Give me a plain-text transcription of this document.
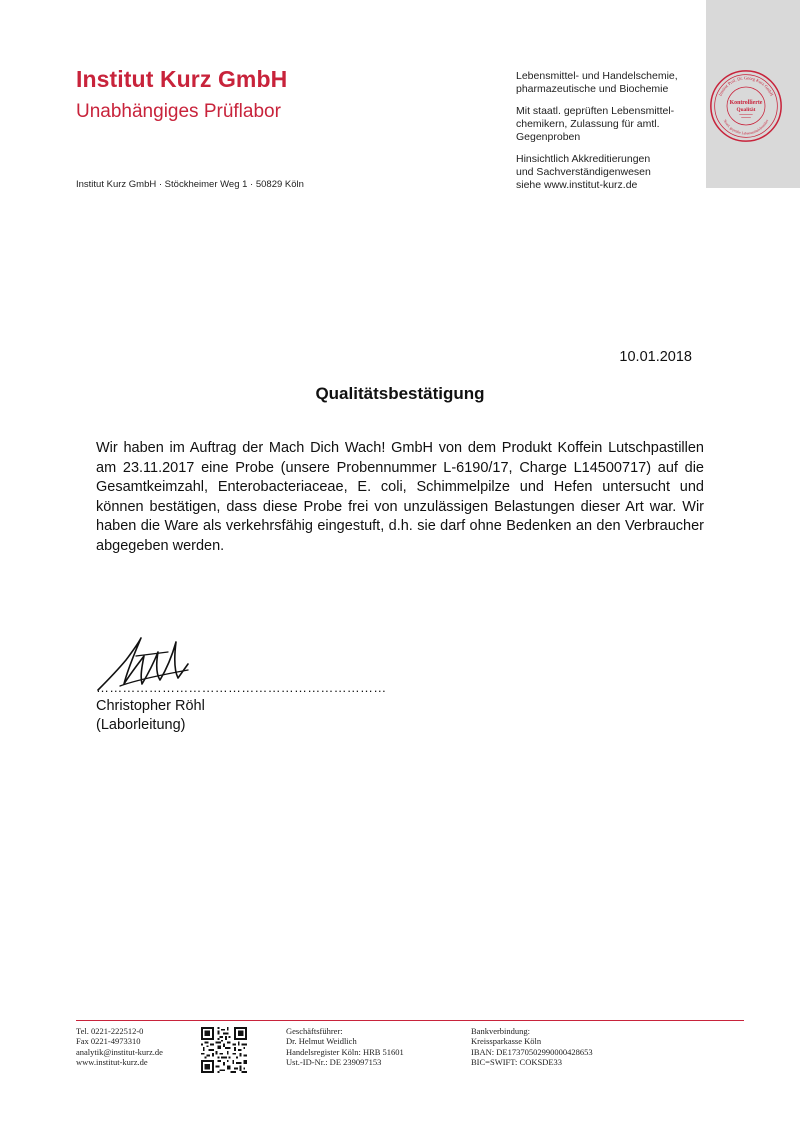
Institut Prof. Dr. Georg Kurz GmbH
Staatl. geprüfte Lebensmittelchemiker
Kontrollierte
Qualität
Institut Kurz GmbH
Unabhängiges Prüflabor
Institut Kurz GmbH · Stöckheimer Weg 1 · 50829 Köln

Lebensmittel- und Handelschemie,
pharmazeutische und Biochemie

Mit staatl. geprüften Lebensmittel-
chemikern, Zulassung für amtl.
Gegenproben

Hinsichtlich Akkreditierungen
und Sachverständigenwesen
siehe www.institut-kurz.de

10.01.2018
Qualitätsbestätigung
Wir haben im Auftrag der Mach Dich Wach! GmbH von dem Produkt Koffein Lutschpastillen am 23.11.2017 eine Probe (unsere Probennummer L-6190/17, Charge L14500717) auf die Gesamtkeimzahl, Enterobacteriaceae, E. coli, Schimmelpilze und Hefen untersucht und können bestätigen, dass diese Probe frei von unzulässigen Belastungen dieser Art war. Wir haben die Ware als verkehrsfähig eingestuft, d.h. sie darf ohne Bedenken an den Verbraucher abgegeben werden.
…………………………………………………………
Christopher Röhl
(Laborleitung)
Tel. 0221-222512-0
Fax 0221-4973310
analytik@institut-kurz.de
www.institut-kurz.de
Geschäftsführer:
Dr. Helmut Weidlich
Handelsregister Köln: HRB 51601
Ust.-ID-Nr.: DE 239097153
Bankverbindung:
Kreissparkasse Köln
IBAN: DE17370502990000428653
BIC=SWIFT: COKSDE33
